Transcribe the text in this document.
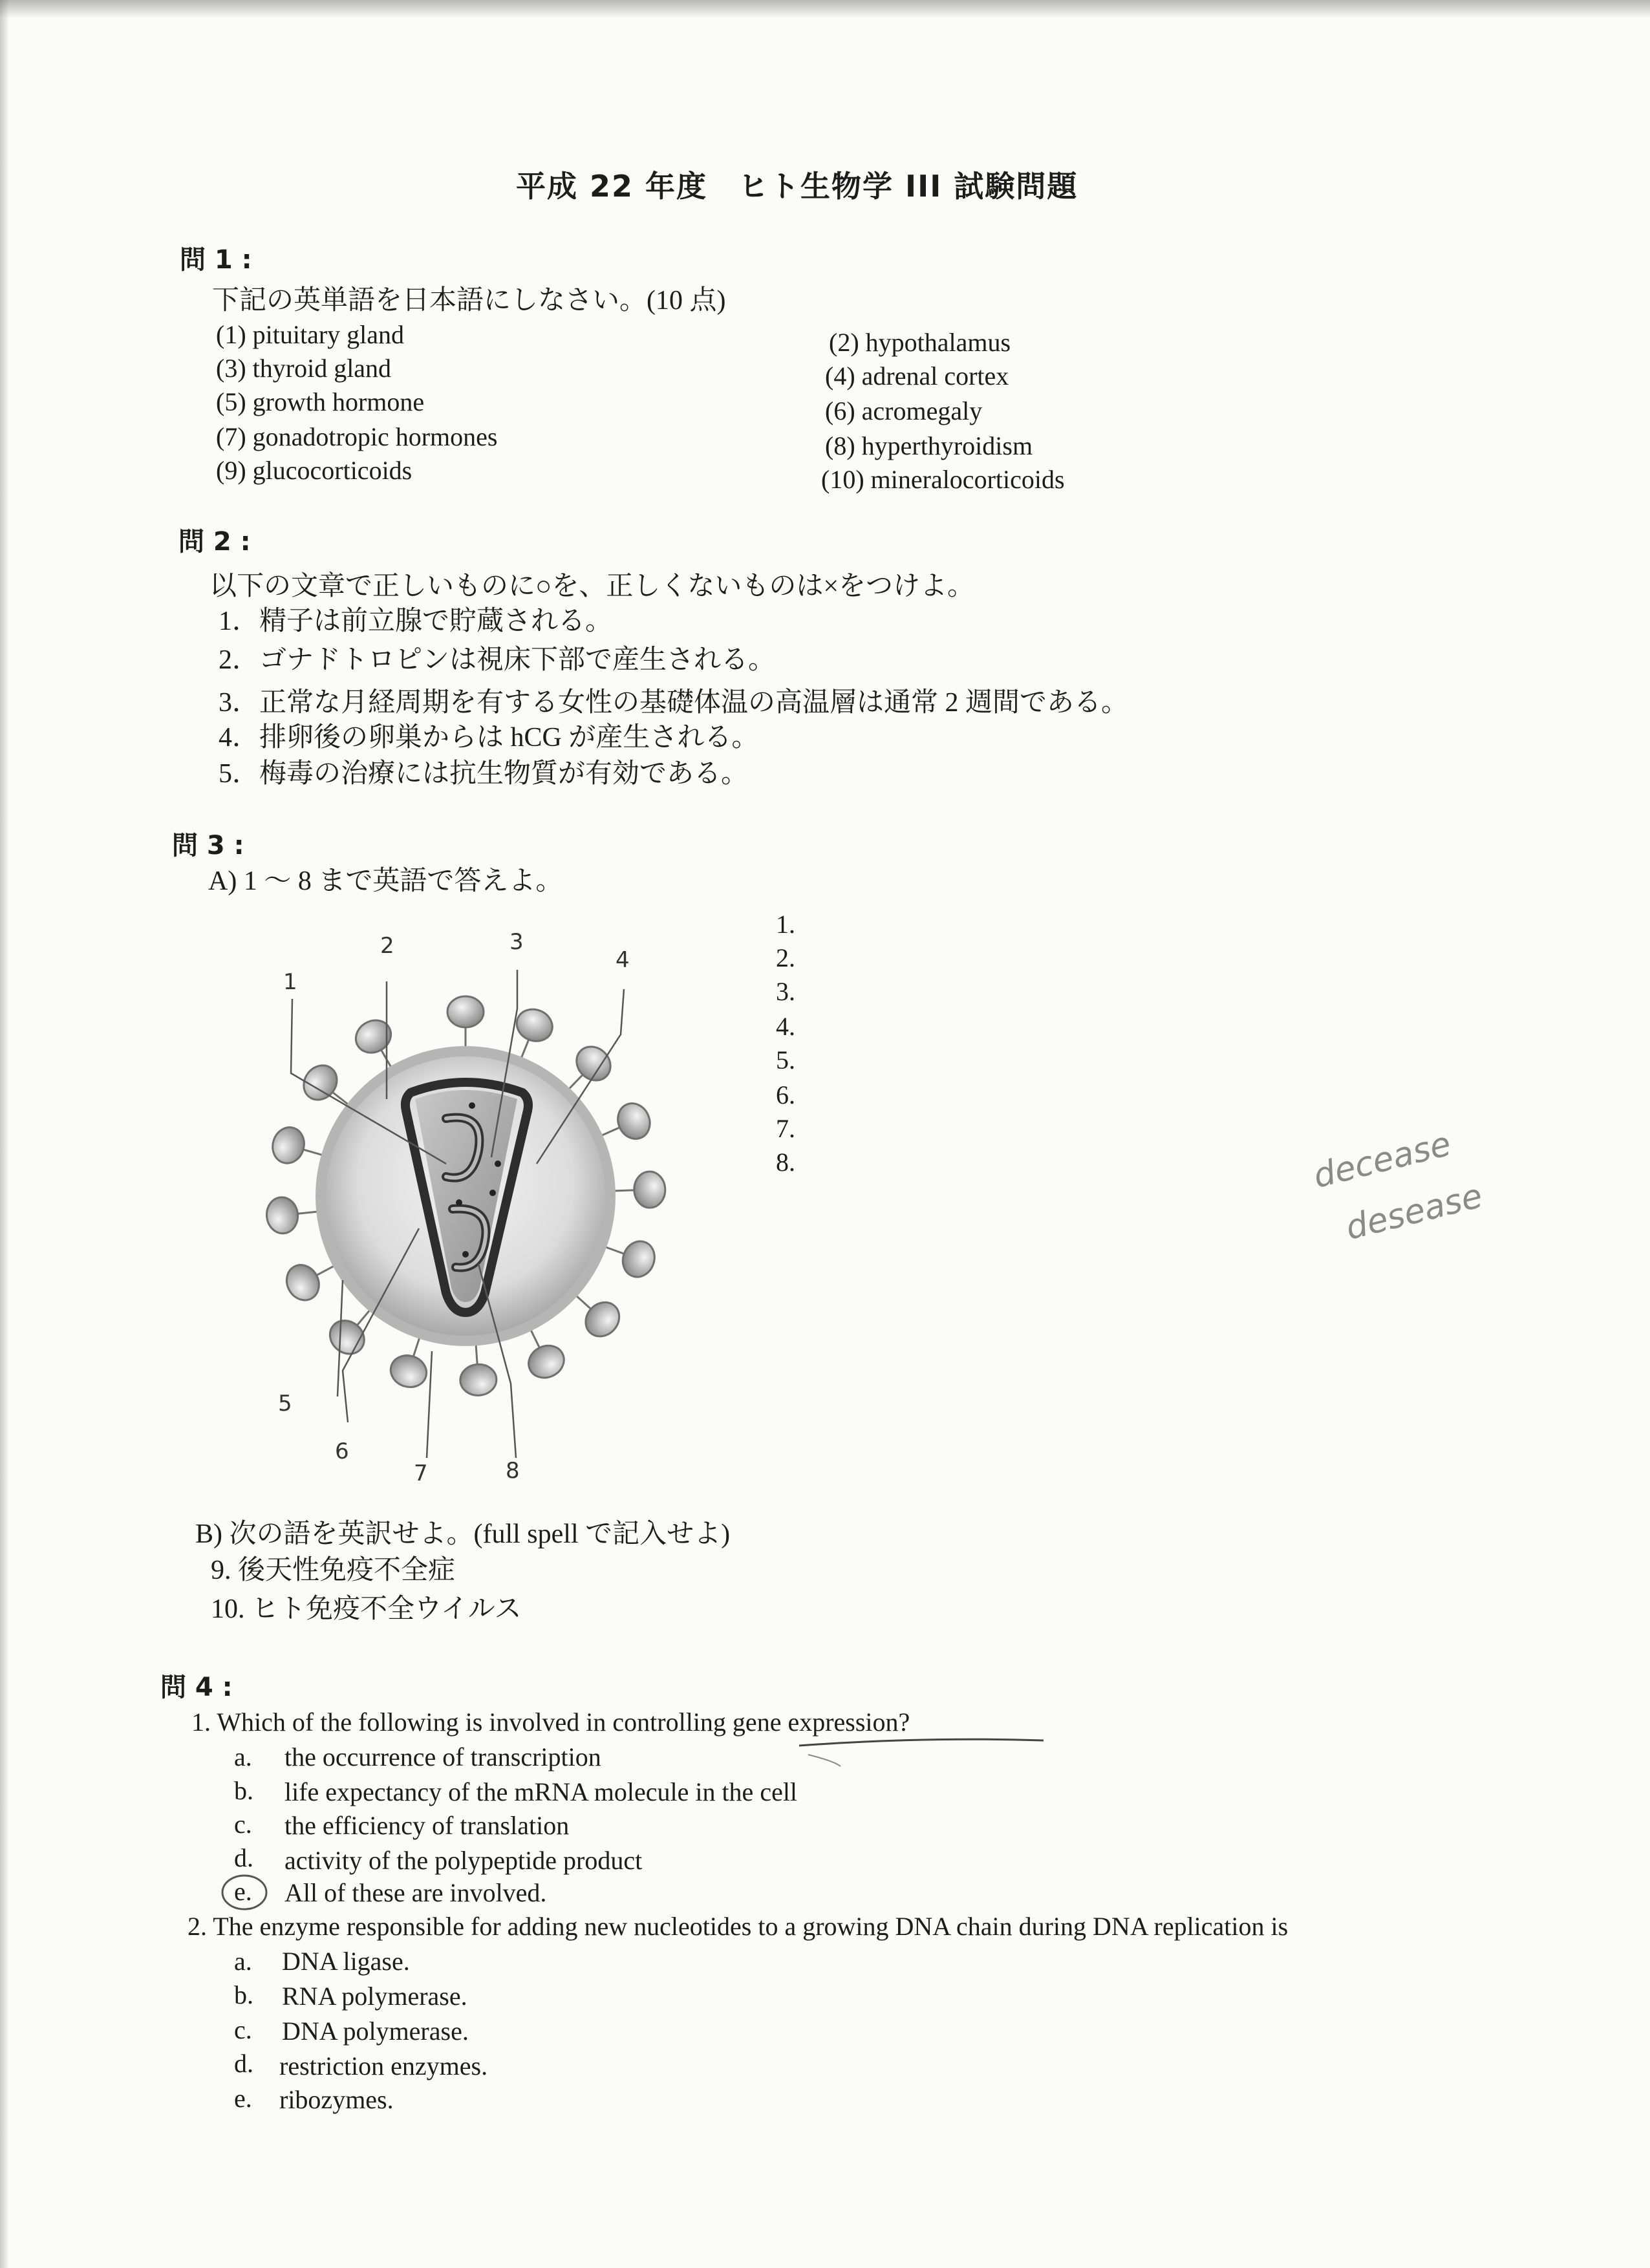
平成 22 年度　ヒト生物学 III 試験問題
問 1 :
下記の英単語を日本語にしなさい。(10 点)
(1) pituitary gland	(2) hypothalamus
(3) thyroid gland	(4) adrenal cortex
(5) growth hormone	(6) acromegaly
(7) gonadotropic hormones	(8) hyperthyroidism
(9) glucocorticoids	(10) mineralocorticoids
問 2 :
以下の文章で正しいものに○を、正しくないものは×をつけよ。
1．精子は前立腺で貯蔵される。
2．ゴナドトロピンは視床下部で産生される。
3．正常な月経周期を有する女性の基礎体温の高温層は通常 2 週間である。
4．排卵後の卵巣からは hCG が産生される。
5．梅毒の治療には抗生物質が有効である。
問 3 :
A) 1 〜 8 まで英語で答えよ。
1
2	3
4
5
6
7	8
1.
2.
3.
4.
5.
6.
7.
8.	decease
desease
B) 次の語を英訳せよ。(full spell で記入せよ)
9. 後天性免疫不全症
10. ヒト免疫不全ウイルス
問 4 :
1. Which of the following is involved in controlling gene expression?
a. the occurrence of transcription
b. life expectancy of the mRNA molecule in the cell
c. the efficiency of translation
d. activity of the polypeptide product
e. All of these are involved.
2. The enzyme responsible for adding new nucleotides to a growing DNA chain during DNA replication is
a. DNA ligase.
b. RNA polymerase.
c. DNA polymerase.
d. restriction enzymes.
e. ribozymes.
